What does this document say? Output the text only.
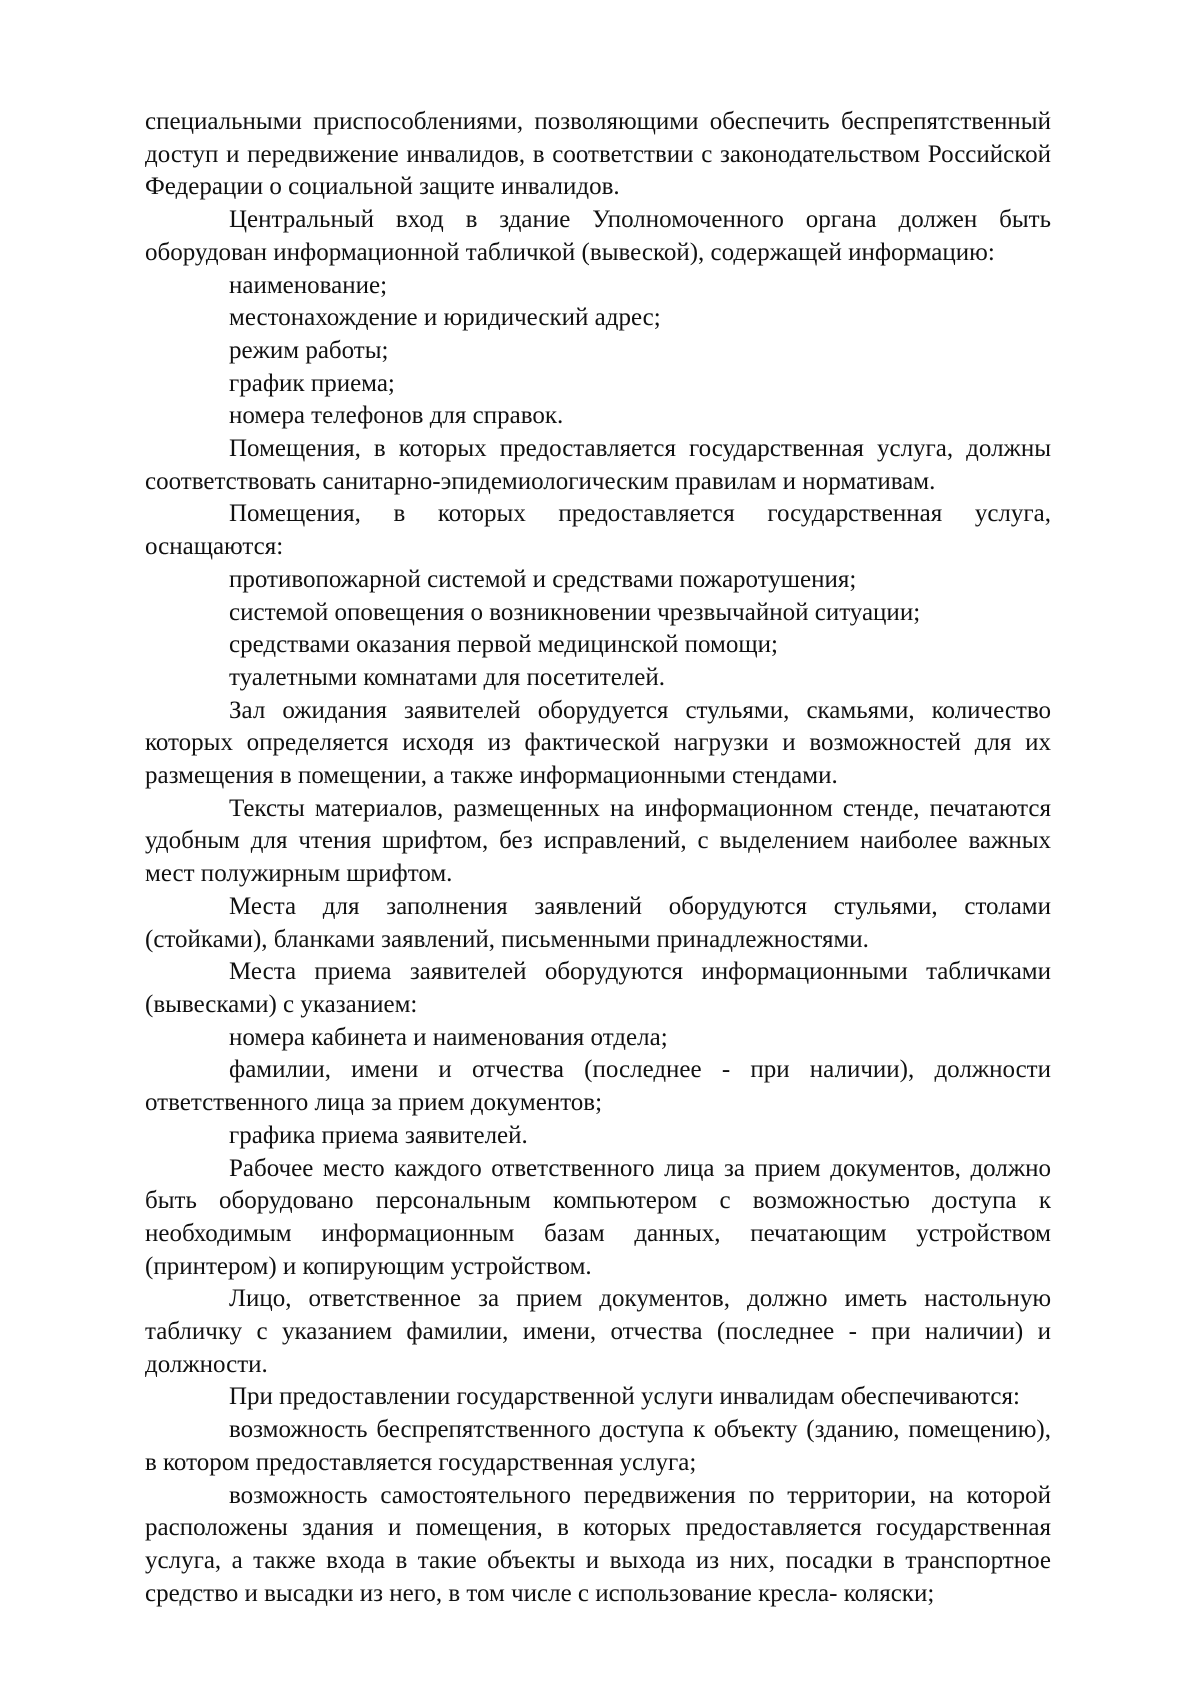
специальными приспособлениями, позволяющими обеспечить беспрепятственный доступ и передвижение инвалидов, в соответствии с законодательством Российской Федерации о социальной защите инвалидов.

Центральный вход в здание Уполномоченного органа должен быть оборудован информационной табличкой (вывеской), содержащей информацию:

наименование;

местонахождение и юридический адрес;

режим работы;

график приема;

номера телефонов для справок.

Помещения, в которых предоставляется государственная услуга, должны соответствовать санитарно-эпидемиологическим правилам и нормативам.

Помещения, в которых предоставляется государственная услуга, оснащаются:

противопожарной системой и средствами пожаротушения;

системой оповещения о возникновении чрезвычайной ситуации;

средствами оказания первой медицинской помощи;

туалетными комнатами для посетителей.

Зал ожидания заявителей оборудуется стульями, скамьями, количество которых определяется исходя из фактической нагрузки и возможностей для их размещения в помещении, а также информационными стендами.

Тексты материалов, размещенных на информационном стенде, печатаются удобным для чтения шрифтом, без исправлений, с выделением наиболее важных мест полужирным шрифтом.

Места для заполнения заявлений оборудуются стульями, столами (стойками), бланками заявлений, письменными принадлежностями.

Места приема заявителей оборудуются информационными табличками (вывесками) с указанием:

номера кабинета и наименования отдела;

фамилии, имени и отчества (последнее - при наличии), должности ответственного лица за прием документов;

графика приема заявителей.

Рабочее место каждого ответственного лица за прием документов, должно быть оборудовано персональным компьютером с возможностью доступа к необходимым информационным базам данных, печатающим устройством (принтером) и копирующим устройством.

Лицо, ответственное за прием документов, должно иметь настольную табличку с указанием фамилии, имени, отчества (последнее - при наличии) и должности.

При предоставлении государственной услуги инвалидам обеспечиваются:

возможность беспрепятственного доступа к объекту (зданию, помещению), в котором предоставляется государственная услуга;

возможность самостоятельного передвижения по территории, на которой расположены здания и помещения, в которых предоставляется государственная услуга, а также входа в такие объекты и выхода из них, посадки в транспортное средство и высадки из него, в том числе с использование кресла- коляски;
